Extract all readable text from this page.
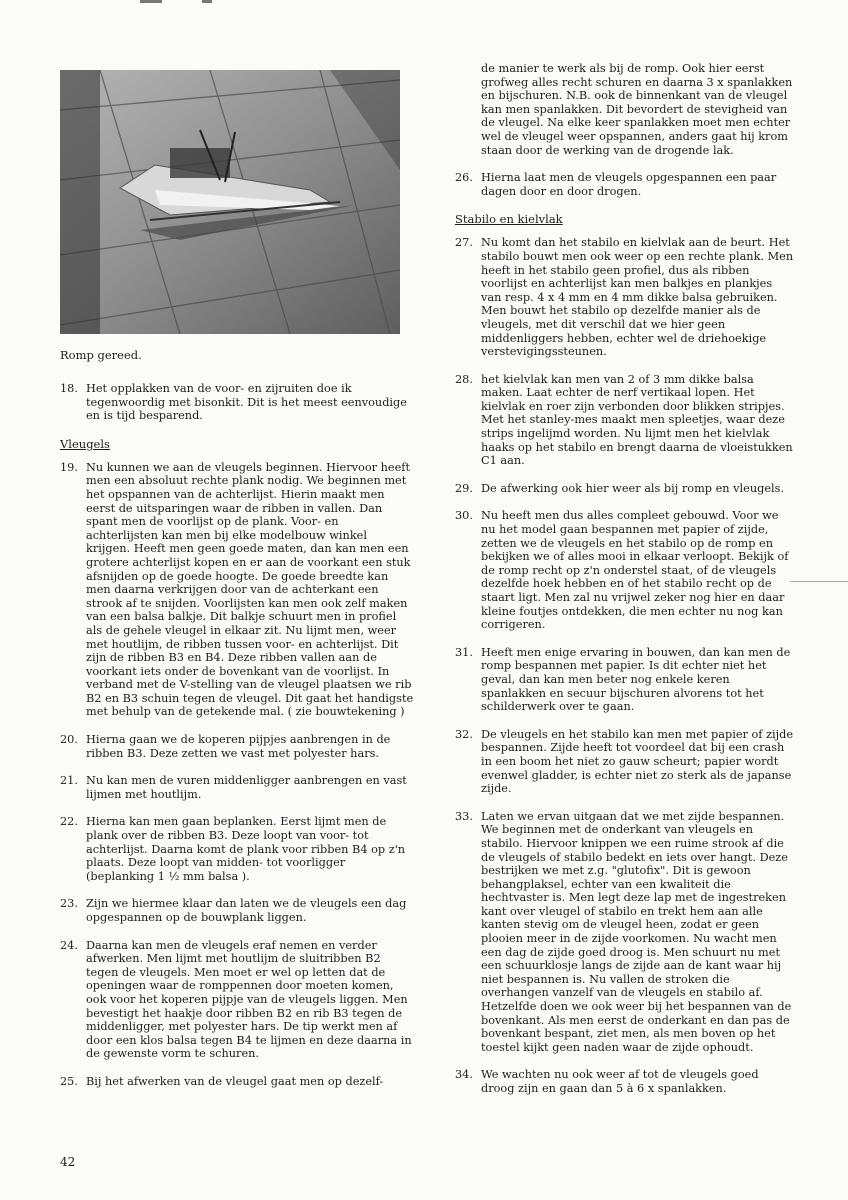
Romp gereed.
18. Het opplakken van de voor- en zijruiten doe ik tegenwoordig met bisonkit. Dit is het meest eenvoudige en is tijd besparend.
Vleugels
19. Nu kunnen we aan de vleugels beginnen. Hiervoor heeft men een absoluut rechte plank nodig. We beginnen met het opspannen van de achterlijst. Hierin maakt men eerst de uitsparingen waar de ribben in vallen. Dan spant men de voorlijst op de plank. Voor- en achterlijsten kan men bij elke modelbouw winkel krijgen. Heeft men geen goede maten, dan kan men een grotere achterlijst kopen en er aan de voorkant een stuk afsnijden op de goede hoogte. De goede breedte kan men daarna verkrijgen door van de achterkant een strook af te snijden. Voorlijsten kan men ook zelf maken van een balsa balkje. Dit balkje schuurt men in profiel als de gehele vleugel in elkaar zit. Nu lijmt men, weer met houtlijm, de ribben tussen voor- en achterlijst. Dit zijn de ribben B3 en B4. Deze ribben vallen aan de voorkant iets onder de bovenkant van de voorlijst. In verband met de V-stelling van de vleugel plaatsen we rib B2 en B3 schuin tegen de vleugel. Dit gaat het handigste met behulp van de getekende mal. ( zie bouwtekening )
20. Hierna gaan we de koperen pijpjes aanbrengen in de ribben B3. Deze zetten we vast met polyester hars.
21. Nu kan men de vuren middenligger aanbrengen en vast lijmen met houtlijm.
22. Hierna kan men gaan beplanken. Eerst lijmt men de plank over de ribben B3. Deze loopt van voor- tot achterlijst. Daarna komt de plank voor ribben B4 op z'n plaats. Deze loopt van midden- tot voorligger (beplanking 1 ½ mm balsa ).
23. Zijn we hiermee klaar dan laten we de vleugels een dag opgespannen op de bouwplank liggen.
24. Daarna kan men de vleugels eraf nemen en verder afwerken. Men lijmt met houtlijm de sluitribben B2 tegen de vleugels. Men moet er wel op letten dat de openingen waar de romppennen door moeten komen, ook voor het koperen pijpje van de vleugels liggen. Men bevestigt het haakje door ribben B2 en rib B3 tegen de middenligger, met polyester hars. De tip werkt men af door een klos balsa tegen B4 te lijmen en deze daarna in de gewenste vorm te schuren.
25. Bij het afwerken van de vleugel gaat men op dezelf-
de manier te werk als bij de romp. Ook hier eerst grofweg alles recht schuren en daarna 3 x spanlakken en bijschuren. N.B. ook de binnenkant van de vleugel kan men spanlakken. Dit bevordert de stevigheid van de vleugel. Na elke keer spanlakken moet men echter wel de vleugel weer opspannen, anders gaat hij krom staan door de werking van de drogende lak.
26. Hierna laat men de vleugels opgespannen een paar dagen door en door drogen.
Stabilo en kielvlak
27. Nu komt dan het stabilo en kielvlak aan de beurt. Het stabilo bouwt men ook weer op een rechte plank. Men heeft in het stabilo geen profiel, dus als ribben voorlijst en achterlijst kan men balkjes en plankjes van resp. 4 x 4 mm en 4 mm dikke balsa gebruiken. Men bouwt het stabilo op dezelfde manier als de vleugels, met dit verschil dat we hier geen middenliggers hebben, echter wel de driehoekige verstevigingssteunen.
28. het kielvlak kan men van 2 of 3 mm dikke balsa maken. Laat echter de nerf vertikaal lopen. Het kielvlak en roer zijn verbonden door blikken stripjes. Met het stanley-mes maakt men spleetjes, waar deze strips ingelijmd worden. Nu lijmt men het kielvlak haaks op het stabilo en brengt daarna de vloeistukken C1 aan.
29. De afwerking ook hier weer als bij romp en vleugels.
30. Nu heeft men dus alles compleet gebouwd. Voor we nu het model gaan bespannen met papier of zijde, zetten we de vleugels en het stabilo op de romp en bekijken we of alles mooi in elkaar verloopt. Bekijk of de romp recht op z'n onderstel staat, of de vleugels dezelfde hoek hebben en of het stabilo recht op de staart ligt. Men zal nu vrijwel zeker nog hier en daar kleine foutjes ontdekken, die men echter nu nog kan corrigeren.
31. Heeft men enige ervaring in bouwen, dan kan men de romp bespannen met papier. Is dit echter niet het geval, dan kan men beter nog enkele keren spanlakken en secuur bijschuren alvorens tot het schilderwerk over te gaan.
32. De vleugels en het stabilo kan men met papier of zijde bespannen. Zijde heeft tot voordeel dat bij een crash in een boom het niet zo gauw scheurt; papier wordt evenwel gladder, is echter niet zo sterk als de japanse zijde.
33. Laten we ervan uitgaan dat we met zijde bespannen. We beginnen met de onderkant van vleugels en stabilo. Hiervoor knippen we een ruime strook af die de vleugels of stabilo bedekt en iets over hangt. Deze bestrijken we met z.g. "glutofix". Dit is gewoon behangplaksel, echter van een kwaliteit die hechtvaster is. Men legt deze lap met de ingestreken kant over vleugel of stabilo en trekt hem aan alle kanten stevig om de vleugel heen, zodat er geen plooien meer in de zijde voorkomen. Nu wacht men een dag de zijde goed droog is. Men schuurt nu met een schuurklosje langs de zijde aan de kant waar hij niet bespannen is. Nu vallen de stroken die overhangen vanzelf van de vleugels en stabilo af. Hetzelfde doen we ook weer bij het bespannen van de bovenkant. Als men eerst de onderkant en dan pas de bovenkant bespant, ziet men, als men boven op het toestel kijkt geen naden waar de zijde ophoudt.
34. We wachten nu ook weer af tot de vleugels goed droog zijn en gaan dan 5 à 6 x spanlakken.
42
